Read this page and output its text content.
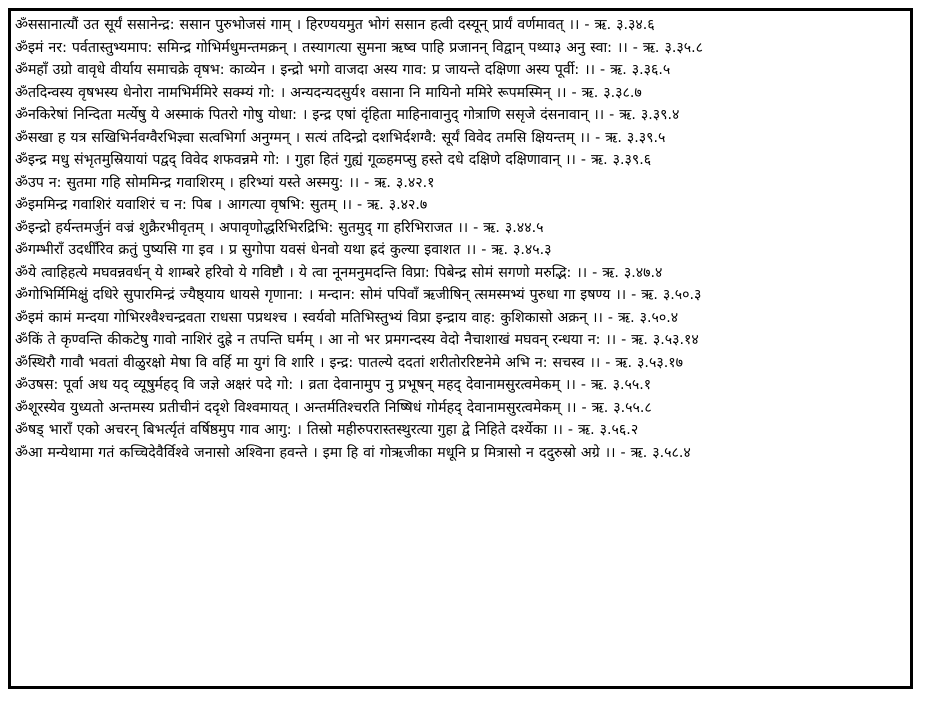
ॐससानात्यौं उत सूर्यं ससानेन्द्र: ससान पुरुभोजसं गाम् । हिरण्ययमुत भोगं ससान हत्वी दस्यून् प्रार्यं वर्णमावत् ।। - ऋ. ३.३४.६

ॐइमं नर: पर्वतास्तुभ्यमाप: समिन्द्र गोभिर्मधुमन्तमक्रन् । तस्यागत्या सुमना ऋष्व पाहि प्रजानन् विद्वान् पथ्या३ अनु स्वा: ।। - ऋ. ३.३५.८

ॐमहाँ उग्रो वावृधे वीर्याय समाचक्रे वृषभ: काव्येन । इन्द्रो भगो वाजदा अस्य गाव: प्र जायन्ते दक्षिणा अस्य पूर्वी: ।। - ऋ. ३.३६.५

ॐतदिन्वस्य वृषभस्य धेनोरा नामभिर्ममिरे सक्म्यं गो: । अन्यदन्यदसुर्य१ वसाना नि मायिनो ममिरे रूपमस्मिन् ।। - ऋ. ३.३८.७

ॐनकिरेषां निन्दिता मर्त्येषु ये अस्माकं पितरो गोषु योधा: । इन्द्र एषां दृंहिता माहिनावानुद् गोत्राणि ससृजे दंसनावान् ।। - ऋ. ३.३९.४

ॐसखा ह यत्र सखिभिर्नवग्वैरभिज्ञ्वा सत्वभिर्गा अनुग्मन् । सत्यं तदिन्द्रो दशभिर्दशग्वै: सूर्यं विवेद तमसि क्षियन्तम् ।। - ऋ. ३.३९.५

ॐइन्द्र मधु संभृतमुस्रियायां पद्वद् विवेद शफवन्नमे गो: । गुहा हितं गुह्यं गूळ्हमप्सु हस्ते दधे दक्षिणे दक्षिणावान् ।। - ऋ. ३.३९.६

ॐउप न: सुतमा गहि सोममिन्द्र गवाशिरम् । हरिभ्यां यस्ते अस्मयु: ।। - ऋ. ३.४२.१

ॐइममिन्द्र गवाशिरं यवाशिरं च न: पिब । आगत्या वृषभि: सुतम् ।। - ऋ. ३.४२.७

ॐइन्द्रो हर्यन्तमर्जुनं वज्रं शुक्रैरभीवृतम् । अपावृणोद्धरिभिरद्रिभि: सुतमुद् गा हरिभिराजत ।। - ऋ. ३.४४.५

ॐगम्भीराँ उदधीँरिव क्रतुं पुष्यसि गा इव । प्र सुगोपा यवसं धेनवो यथा ह्रदं कुल्या इवाशत ।। - ऋ. ३.४५.३

ॐये त्वाहिहत्ये मघवन्नवर्धन् ये शाम्बरे हरिवो ये गविष्टौ । ये त्वा नूनमनुमदन्ति विप्रा: पिबेन्द्र सोमं सगणो मरुद्भि: ।। - ऋ. ३.४७.४

ॐगोभिर्मिमिक्षुं दधिरे सुपारमिन्द्रं ज्यैष्ठ्याय धायसे गृणाना: । मन्दान: सोमं पपिवाँ ऋजीषिन् त्समस्मभ्यं पुरुधा गा इषण्य ।। - ऋ. ३.५०.३

ॐइमं कामं मन्दया गोभिरश्वैश्चन्द्रवता राधसा पप्रथश्च । स्वर्यवो मतिभिस्तुभ्यं विप्रा इन्द्राय वाह: कुशिकासो अक्रन् ।। - ऋ. ३.५०.४

ॐकिं ते कृण्वन्ति कीकटेषु गावो नाशिरं दुह्रे न तपन्ति घर्मम् । आ नो भर प्रमगन्दस्य वेदो नैचाशाखं मघवन् रन्धया न: ।। - ऋ. ३.५३.१४

ॐस्थिरौ गावौ भवतां वीळुरक्षो मेषा वि वर्हि मा युगं वि शारि । इन्द्र: पातल्ये ददतां शरीतोररिष्टनेमे अभि न: सचस्व ।। - ऋ. ३.५३.१७

ॐउषस: पूर्वा अध यद् व्यूषुर्महद् वि जज्ञे अक्षरं पदे गो: । व्रता देवानामुप नु प्रभूषन् महद् देवानामसुरत्वमेकम् ।। - ऋ. ३.५५.१

ॐशूरस्येव युध्यतो अन्तमस्य प्रतीचीनं ददृशे विश्वमायत् । अन्तर्मतिश्चरति निष्षिधं गोर्महद् देवानामसुरत्वमेकम् ।। - ऋ. ३.५५.८

ॐषड् भाराँ एको अचरन् बिभर्त्यृतं वर्षिष्ठमुप गाव आगु: । तिस्रो महीरुपरास्तस्थुरत्या गुहा द्वे निहिते दर्श्येका ।। - ऋ. ३.५६.२

ॐआ मन्येथामा गतं कच्चिदेवैर्विश्वे जनासो अश्विना हवन्ते । इमा हि वां गोऋजीका मधूनि प्र मित्रासो न ददुरुस्रो अग्रे ।। - ऋ. ३.५८.४
